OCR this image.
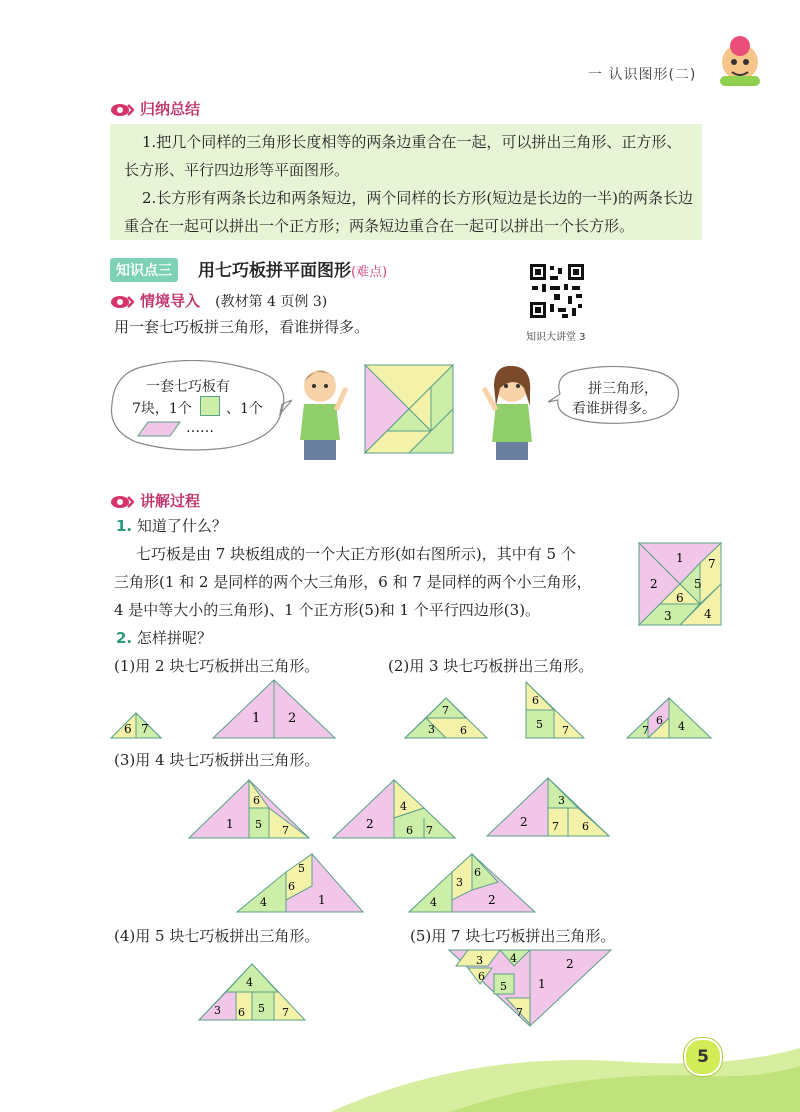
一 认识图形(二)
归纳总结

1.把几个同样的三角形长度相等的两条边重合在一起，可以拼出三角形、正方形、长方形、平行四边形等平面图形。

2.长方形有两条长边和两条短边，两个同样的长方形(短边是长边的一半)的两条长边重合在一起可以拼出一个正方形；两条短边重合在一起可以拼出一个长方形。

知识点三	用七巧板拼平面图形(难点)
知识大讲堂 3
情境导入 (教材第 4 页例 3)
用一套七巧板拼三角形，看谁拼得多。
一套七巧板有
7块，1个 、1个
……
拼三角形，
看谁拼得多。
讲解过程
1. 知道了什么？
七巧板是由 7 块板组成的一个大正方形(如右图所示)，其中有 5 个
三角形(1 和 2 是同样的两个大三角形，6 和 7 是同样的两个小三角形，
4 是中等大小的三角形)、1 个正方形(5)和 1 个平行四边形(3)。
1
2
7
5
6
3	4
2. 怎样拼呢？
(1)用 2 块七巧板拼出三角形。	(2)用 3 块七巧板拼出三角形。
6 7
1 2
7
3 6
6
5 7	7
6 4
(3)用 4 块七巧板拼出三角形。
1
6
5 7	2
4
6 7
2
3
7 6
4
6
5
1	4
3
6
2
(4)用 5 块七巧板拼出三角形。	(5)用 7 块七巧板拼出三角形。
4
3 6 5 7
3 4
6
5	1
2
7
5
